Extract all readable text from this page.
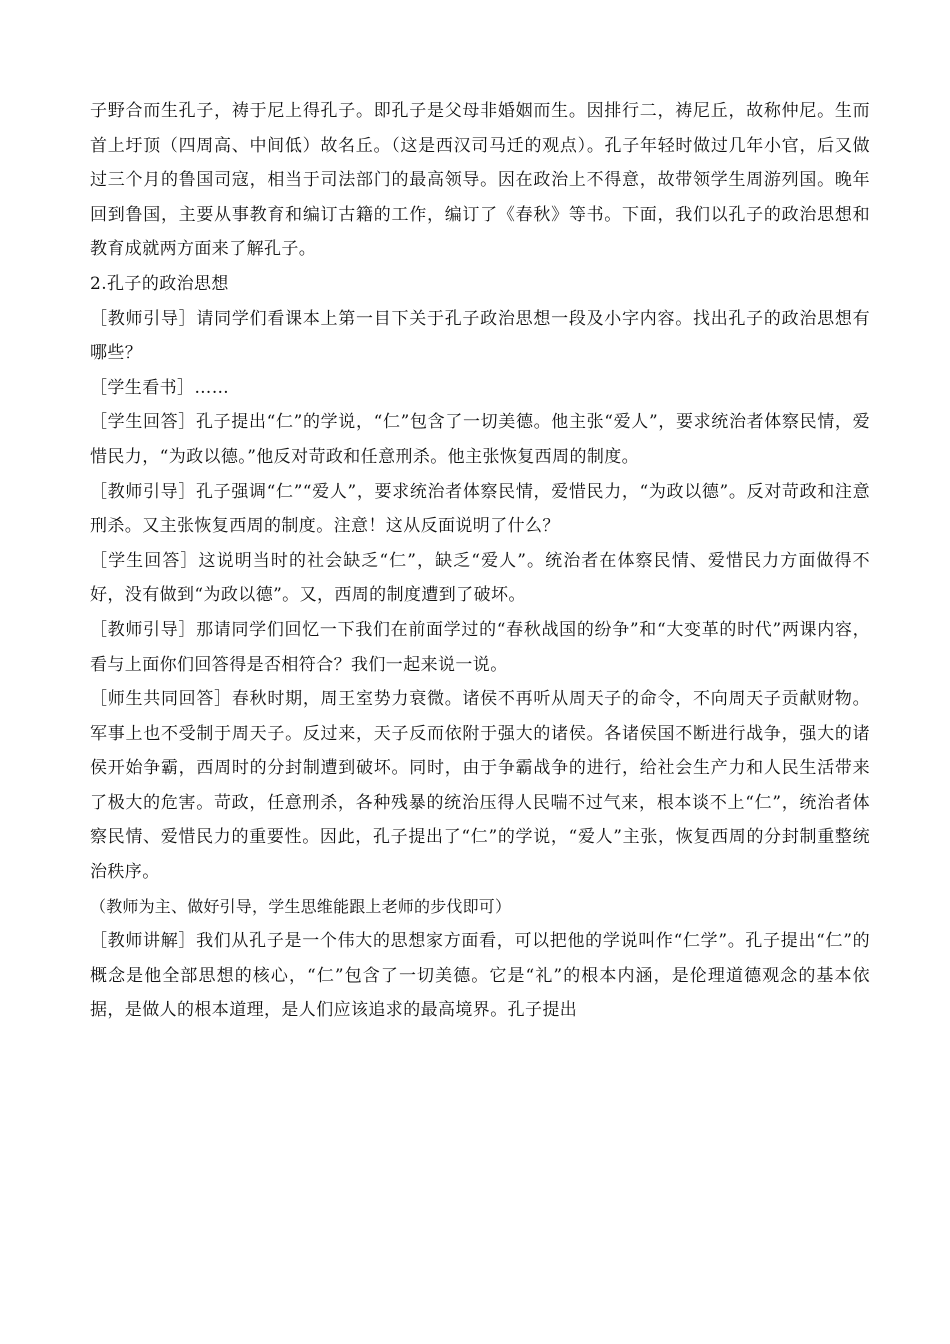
子野合而生孔子，祷于尼上得孔子。即孔子是父母非婚姻而生。因排行二，祷尼丘，故称仲尼。生而首上圩顶（四周高、中间低）故名丘。（这是西汉司马迁的观点）。孔子年轻时做过几年小官，后又做过三个月的鲁国司寇，相当于司法部门的最高领导。因在政治上不得意，故带领学生周游列国。晚年回到鲁国，主要从事教育和编订古籍的工作，编订了《春秋》等书。下面，我们以孔子的政治思想和教育成就两方面来了解孔子。

2.孔子的政治思想

［教师引导］请同学们看课本上第一目下关于孔子政治思想一段及小字内容。找出孔子的政治思想有哪些？

［学生看书］……

［学生回答］孔子提出“仁”的学说，“仁”包含了一切美德。他主张“爱人”，要求统治者体察民情，爱惜民力，“为政以德。”他反对苛政和任意刑杀。他主张恢复西周的制度。

［教师引导］孔子强调“仁”“爱人”，要求统治者体察民情，爱惜民力，“为政以德”。反对苛政和注意刑杀。又主张恢复西周的制度。注意！这从反面说明了什么？

［学生回答］这说明当时的社会缺乏“仁”，缺乏“爱人”。统治者在体察民情、爱惜民力方面做得不好，没有做到“为政以德”。又，西周的制度遭到了破坏。

［教师引导］那请同学们回忆一下我们在前面学过的“春秋战国的纷争”和“大变革的时代”两课内容，看与上面你们回答得是否相符合？我们一起来说一说。

［师生共同回答］春秋时期，周王室势力衰微。诸侯不再听从周天子的命令，不向周天子贡献财物。军事上也不受制于周天子。反过来，天子反而依附于强大的诸侯。各诸侯国不断进行战争，强大的诸侯开始争霸，西周时的分封制遭到破坏。同时，由于争霸战争的进行，给社会生产力和人民生活带来了极大的危害。苛政，任意刑杀，各种残暴的统治压得人民喘不过气来，根本谈不上“仁”，统治者体察民情、爱惜民力的重要性。因此，孔子提出了“仁”的学说，“爱人”主张，恢复西周的分封制重整统治秩序。

（教师为主、做好引导，学生思维能跟上老师的步伐即可）

［教师讲解］我们从孔子是一个伟大的思想家方面看，可以把他的学说叫作“仁学”。孔子提出“仁”的概念是他全部思想的核心，“仁”包含了一切美德。它是“礼”的根本内涵，是伦理道德观念的基本依据，是做人的根本道理，是人们应该追求的最高境界。孔子提出
